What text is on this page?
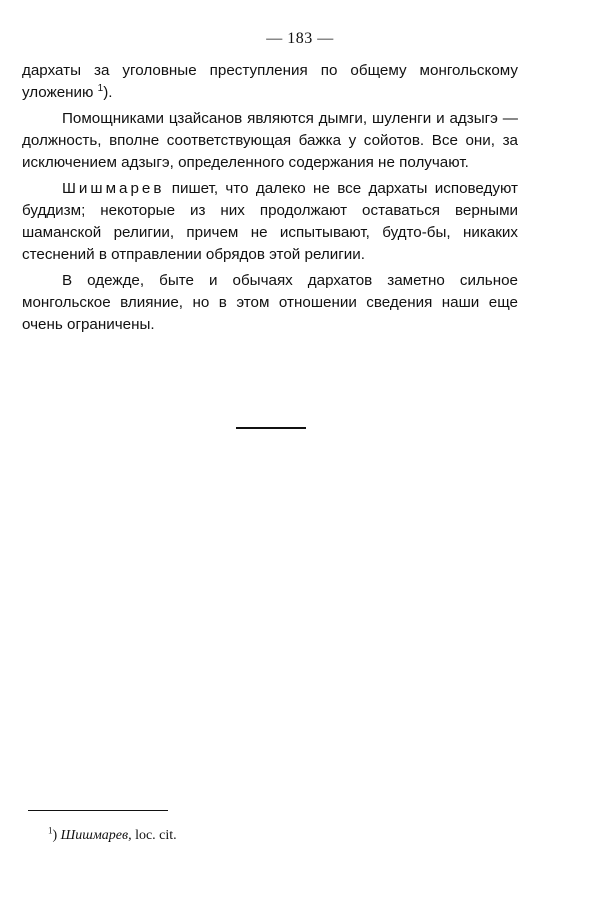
— 183 —

дархаты за уголовные преступления по общему монгольскому уложению $^1$).

Помощниками цзайсанов являются дымги, шуленги и адзыгэ — должность, вполне соответствующая бажка у сойотов. Все они, за исключением адзыгэ, определенного содержания не получают.

Шишмарев пишет, что далеко не все дархаты исповедуют буддизм; некоторые из них продолжают оставаться верными шаманской религии, причем не испытывают, будто-бы, никаких стеснений в отправлении обрядов этой религии.

В одежде, быте и обычаях дархатов заметно сильное монгольское влияние, но в этом отношении сведения наши еще очень ограничены.

$^1$) Шишмарев, loc. cit.
